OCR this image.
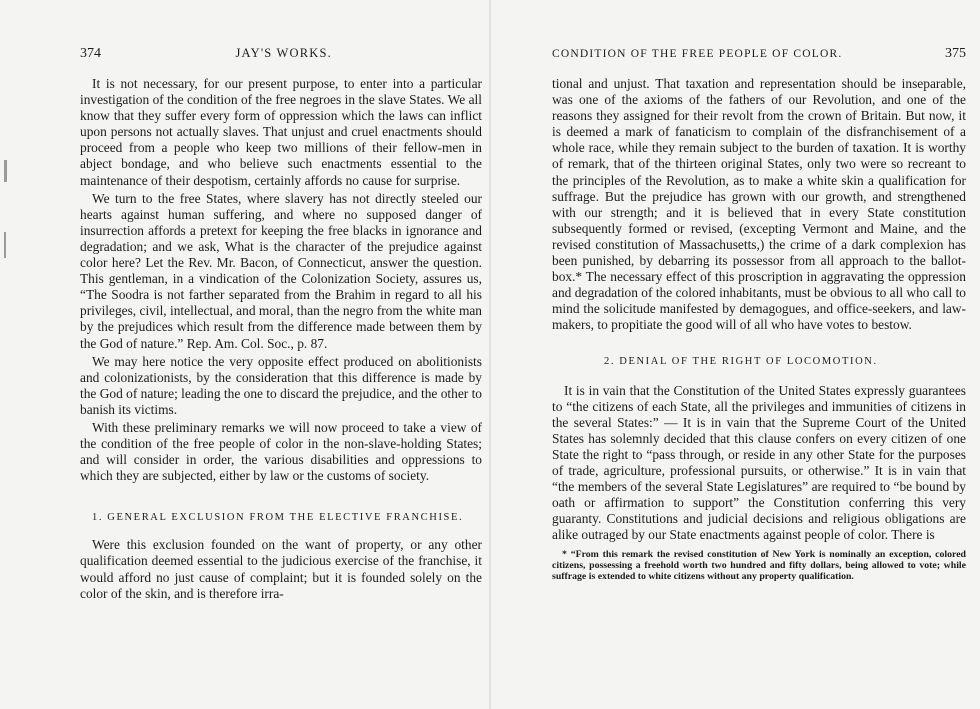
374	JAY'S WORKS.

It is not necessary, for our present purpose, to enter into a particular investigation of the condition of the free negroes in the slave States. We all know that they suffer every form of oppression which the laws can inflict upon persons not actually slaves. That unjust and cruel enactments should proceed from a people who keep two millions of their fellow-men in abject bondage, and who believe such enactments essential to the maintenance of their despotism, certainly affords no cause for surprise.

We turn to the free States, where slavery has not directly steeled our hearts against human suffering, and where no supposed danger of insurrection affords a pretext for keeping the free blacks in ignorance and degradation; and we ask, What is the character of the prejudice against color here? Let the Rev. Mr. Bacon, of Connecticut, answer the question. This gentleman, in a vindication of the Colonization Society, assures us, “The Soodra is not farther separated from the Brahim in regard to all his privileges, civil, intellectual, and moral, than the negro from the white man by the prejudices which result from the difference made between them by the God of nature.” Rep. Am. Col. Soc., p. 87.

We may here notice the very opposite effect produced on abolitionists and colonizationists, by the consideration that this difference is made by the God of nature; leading the one to discard the prejudice, and the other to banish its victims.

With these preliminary remarks we will now proceed to take a view of the condition of the free people of color in the non-slave-holding States; and will consider in order, the various disabilities and oppressions to which they are subjected, either by law or the customs of society.

1. GENERAL EXCLUSION FROM THE ELECTIVE FRANCHISE.

Were this exclusion founded on the want of property, or any other qualification deemed essential to the judicious exercise of the franchise, it would afford no just cause of complaint; but it is founded solely on the color of the skin, and is therefore irra-

CONDITION OF THE FREE PEOPLE OF COLOR.	375

tional and unjust. That taxation and representation should be inseparable, was one of the axioms of the fathers of our Revolution, and one of the reasons they assigned for their revolt from the crown of Britain. But now, it is deemed a mark of fanaticism to complain of the disfranchisement of a whole race, while they remain subject to the burden of taxation. It is worthy of remark, that of the thirteen original States, only two were so recreant to the principles of the Revolution, as to make a white skin a qualification for suffrage. But the prejudice has grown with our growth, and strengthened with our strength; and it is believed that in every State constitution subsequently formed or revised, (excepting Vermont and Maine, and the revised constitution of Massachusetts,) the crime of a dark complexion has been punished, by debarring its possessor from all approach to the ballot-box.* The necessary effect of this proscription in aggravating the oppression and degradation of the colored inhabitants, must be obvious to all who call to mind the solicitude manifested by demagogues, and office-seekers, and law-makers, to propitiate the good will of all who have votes to bestow.

2. DENIAL OF THE RIGHT OF LOCOMOTION.

It is in vain that the Constitution of the United States expressly guarantees to “the citizens of each State, all the privileges and immunities of citizens in the several States:” — It is in vain that the Supreme Court of the United States has solemnly decided that this clause confers on every citizen of one State the right to “pass through, or reside in any other State for the purposes of trade, agriculture, professional pursuits, or otherwise.” It is in vain that “the members of the several State Legislatures” are required to “be bound by oath or affirmation to support” the Constitution conferring this very guaranty. Constitutions and judicial decisions and religious obligations are alike outraged by our State enactments against people of color. There is

* “From this remark the revised constitution of New York is nominally an exception, colored citizens, possessing a freehold worth two hundred and fifty dollars, being allowed to vote; while suffrage is extended to white citizens without any property qualification.
